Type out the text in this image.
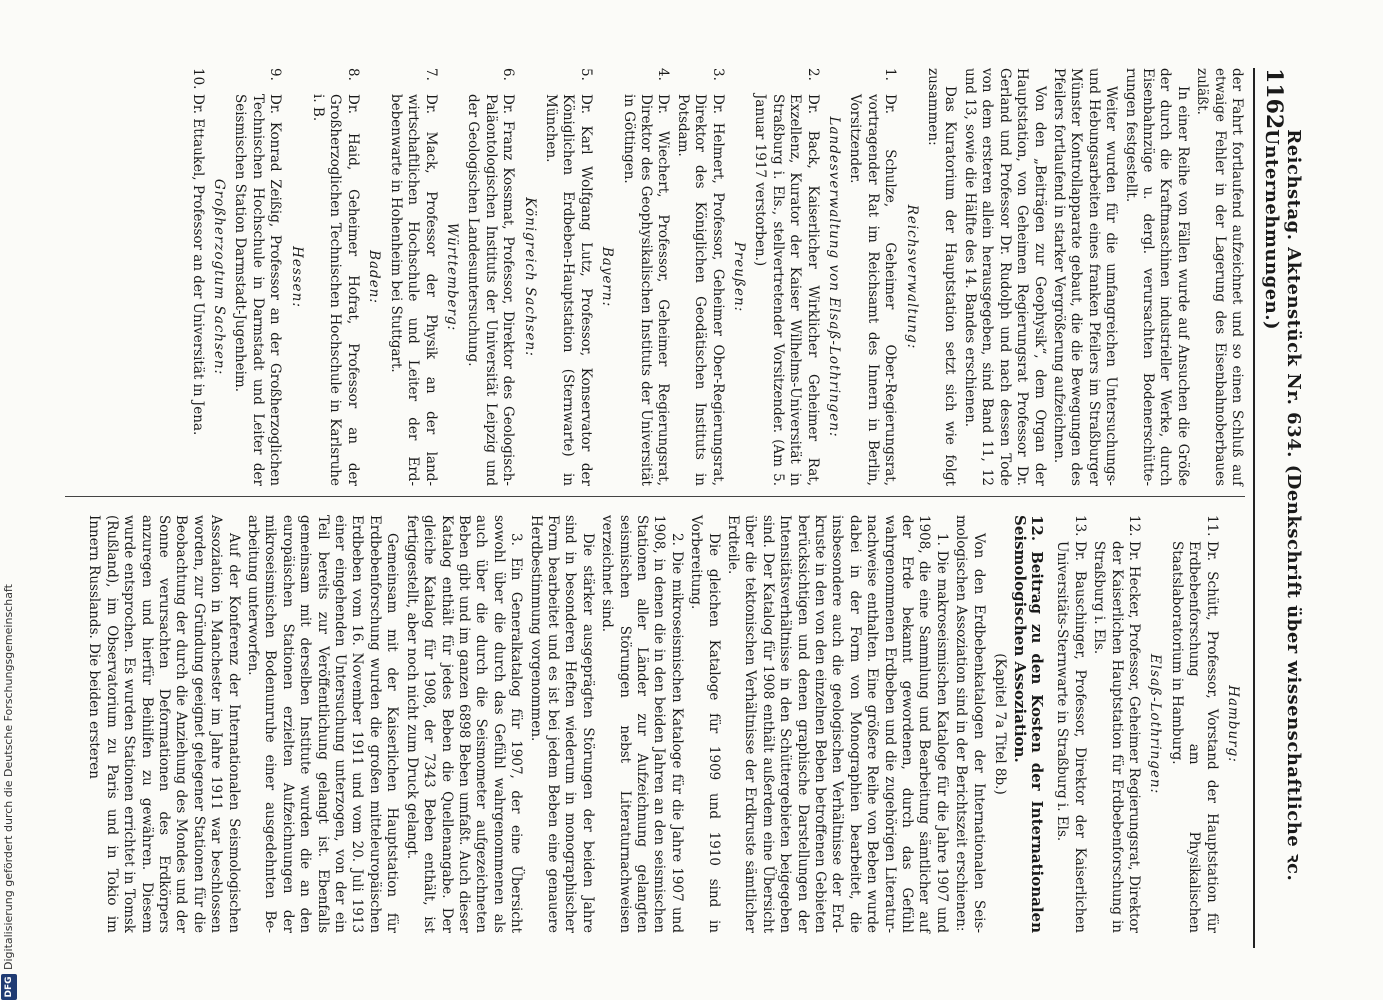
1162
Reichstag. Aktenstück Nr. 634. (Denkschrift über wissenschaftliche ꝛc. Unternehmungen.)

der Fahrt fortlaufend aufzeichnet und so einen Schluß auf etwaige Fehler in der Lagerung des Eisenbahnoberbaues zuläßt.

In einer Reihe von Fällen wurde auf Ansuchen die Größe der durch die Kraftmaschinen industrieller Werke, durch Eisenbahnzüge u. dergl. verursachten Bodenerschütterungen festgestellt.

Weiter wurden für die umfangreichen Untersuchungs- und Hebungsarbeiten eines franken Pfeilers im Straßburger Münster Kontrollapparate gebaut, die die Bewegungen des Pfeilers fortlaufend in starker Vergrößerung aufzeichnen.

Von den „Beiträgen zur Geophysik“, dem Organ der Hauptstation, von Geheimen Regierungsrat Professor Dr. Gerland und Professor Dr. Rudolph und nach dessen Tode von dem ersteren allein herausgegeben, sind Band 11, 12 und 13, sowie die Hälfte des 14. Bandes erschienen.

Das Kuratorium der Hauptstation setzt sich wie folgt zusammen:

Reichsverwaltung:
1.Dr. Schulze, Geheimer Ober-Regierungsrat, vortragender Rat im Reichsamt des Innern in Berlin, Vorsitzender.
Landesverwaltung von Elsaß-Lothringen:
2.Dr. Back, Kaiserlicher Wirklicher Geheimer Rat, Exzellenz, Kurator der Kaiser Wilhelms-Universität in Straßburg i. Els., stellvertretender Vorsitzender. (Am 5. Januar 1917 verstorben.)
Preußen:
3.Dr. Helmert, Professor, Geheimer Ober-Regierungsrat, Direktor des Königlichen Geodätischen Instituts in Potsdam.
4.Dr. Wiechert, Professor, Geheimer Regierungsrat, Direktor des Geophysikalischen Instituts der Universität in Göttingen.
Bayern:
5.Dr. Karl Wolfgang Lutz, Professor, Konservator der Königlichen Erdbeben-Hauptstation (Sternwarte) in München.
Königreich Sachsen:
6.Dr. Franz Kossmat, Professor, Direktor des Geologisch-Paläontologischen Instituts der Universität Leipzig und der Geologischen Landesuntersuchung.
Württemberg:
7.Dr. Mack, Professor der Physik an der landwirtschaftlichen Hochschule und Leiter der Erdbebenwarte in Hohenheim bei Stuttgart.
Baden:
8.Dr. Haid, Geheimer Hofrat, Professor an der Großherzoglichen Technischen Hochschule in Karlsruhe i. B.
Hessen:
9.Dr. Konrad Zeißig, Professor an der Großherzoglichen Technischen Hochschule in Darmstadt und Leiter der Seismischen Station Darmstadt-Jugenheim.
Großherzogtum Sachsen:
10.Dr. Ettaukel, Professor an der Universität in Jena.
Hamburg:
11.Dr. Schütt, Professor, Vorstand der Hauptstation für Erdbebenforschung am Physikalischen Staatslaboratorium in Hamburg.
Elsaß-Lothringen:
12.Dr. Hecker, Professor, Geheimer Regierungsrat, Direktor der Kaiserlichen Hauptstation für Erdbebenforschung in Straßburg i. Els.
13.Dr. Bauschinger, Professor, Direktor der Kaiserlichen Universitäts-Sternwarte in Straßburg i. Els.
12. Beitrag zu den Kosten der Internationalen Seismologischen Assoziation.
(Kapitel 7a Titel 8b.)

Von den Erdbebenkatalogen der Internationalen Seismologischen Assoziation sind in der Berichtszeit erschienen:

1. Die makroseismischen Kataloge für die Jahre 1907 und 1908, die eine Sammlung und Bearbeitung sämtlicher auf der Erde bekannt gewordenen, durch das Gefühl wahrgenommenen Erdbeben und die zugehörigen Literaturnachweise enthalten. Eine größere Reihe von Beben wurde dabei in der Form von Monographien bearbeitet, die insbesondere auch die geologischen Verhältnisse der Erdkruste in den von den einzelnen Beben betroffenen Gebieten berücksichtigen und denen graphische Darstellungen der Intensitätsverhältnisse in den Schüttergebieten beigegeben sind. Der Katalog für 1908 enthält außerdem eine Übersicht über die tektonischen Verhältnisse der Erdkruste sämtlicher Erdteile.

Die gleichen Kataloge für 1909 und 1910 sind in Vorbereitung.

2. Die mikroseismischen Kataloge für die Jahre 1907 und 1908, in denen die in den beiden Jahren an den seismischen Stationen aller Länder zur Aufzeichnung gelangten seismischen Störungen nebst Literaturnachweisen verzeichnet sind.

Die stärker ausgeprägten Störungen der beiden Jahre sind in besonderen Heften wiederum in monographischer Form bearbeitet und es ist bei jedem Beben eine genauere Herdbestimmung vorgenommen.

3. Ein Generalkatalog für 1907, der eine Übersicht sowohl über die durch das Gefühl wahrgenommenen als auch über die durch die Seismometer aufgezeichneten Beben gibt und im ganzen 6898 Beben umfaßt. Auch dieser Katalog enthält für jedes Beben die Quellenangabe. Der gleiche Katalog für 1908, der 7343 Beben enthält, ist fertiggestellt, aber noch nicht zum Druck gelangt.

Gemeinsam mit der Kaiserlichen Hauptstation für Erdbebenforschung wurden die großen mitteleuropäischen Erdbeben vom 16. November 1911 und vom 20. Juli 1913 einer eingehenden Untersuchung unterzogen, von der ein Teil bereits zur Veröffentlichung gelangt ist. Ebenfalls gemeinsam mit derselben Institute wurden die an den europäischen Stationen erzielten Aufzeichnungen der mikroseismischen Bodenunruhe einer ausgedehnten Bearbeitung unterworfen.

Auf der Konferenz der Internationalen Seismologischen Assoziation in Manchester im Jahre 1911 war beschlossen worden, zur Gründung geeignet gelegener Stationen für die Beobachtung der durch die Anziehung des Mondes und der Sonne verursachten Deformationen des Erdkörpers anzuregen und hierfür Beihilfen zu gewähren. Diesem wurde entsprochen. Es wurden Stationen errichtet in Tomsk (Rußland), im Observatorium zu Paris und in Tokio im Innern Russlands. Die beiden ersteren

DFG
Digitalisierung gefördert durch die Deutsche Forschungsgemeinschaft
